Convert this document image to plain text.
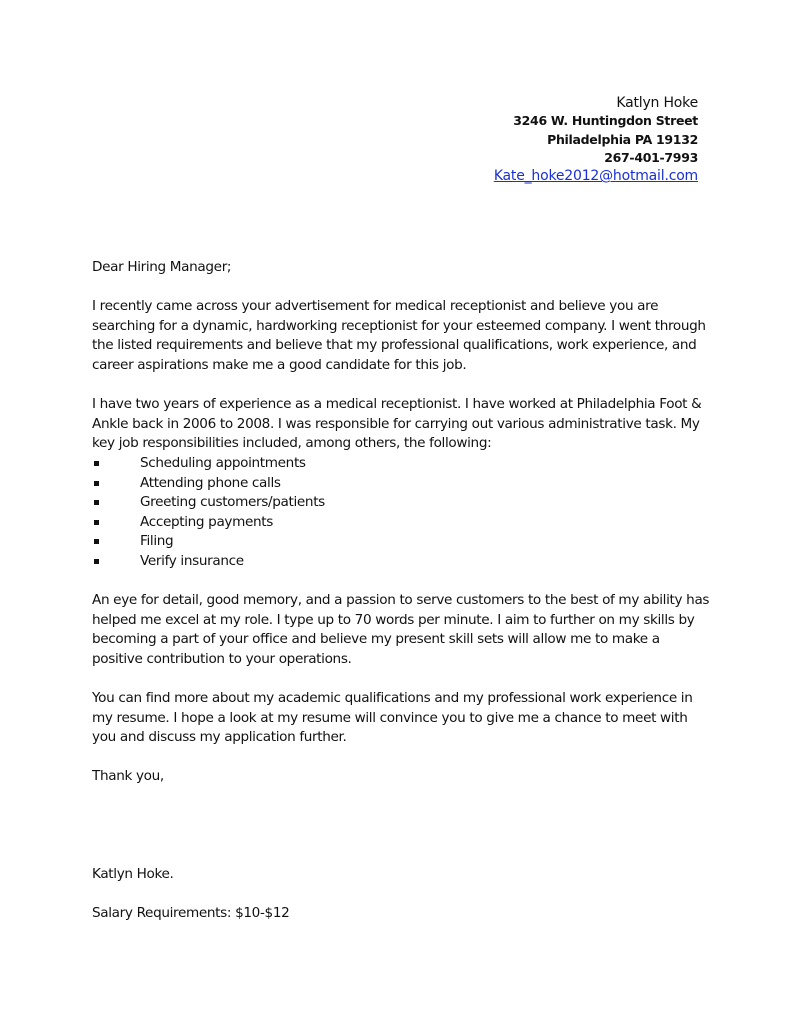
Katlyn Hoke
3246 W. Huntingdon Street
Philadelphia PA 19132
267-401-7993
Kate_hoke2012@hotmail.com

Dear Hiring Manager;

I recently came across your advertisement for medical receptionist and believe you are searching for a dynamic, hardworking receptionist for your esteemed company. I went through the listed requirements and believe that my professional qualifications, work experience, and career aspirations make me a good candidate for this job.

I have two years of experience as a medical receptionist. I have worked at Philadelphia Foot & Ankle back in 2006 to 2008. I was responsible for carrying out various administrative task. My key job responsibilities included, among others, the following:

Scheduling appointments
Attending phone calls
Greeting customers/patients
Accepting payments
Filing
Verify insurance

An eye for detail, good memory, and a passion to serve customers to the best of my ability has helped me excel at my role. I type up to 70 words per minute. I aim to further on my skills by becoming a part of your office and believe my present skill sets will allow me to make a positive contribution to your operations.

You can find more about my academic qualifications and my professional work experience in my resume. I hope a look at my resume will convince you to give me a chance to meet with you and discuss my application further.

Thank you,

Katlyn Hoke.

Salary Requirements: $10-$12
